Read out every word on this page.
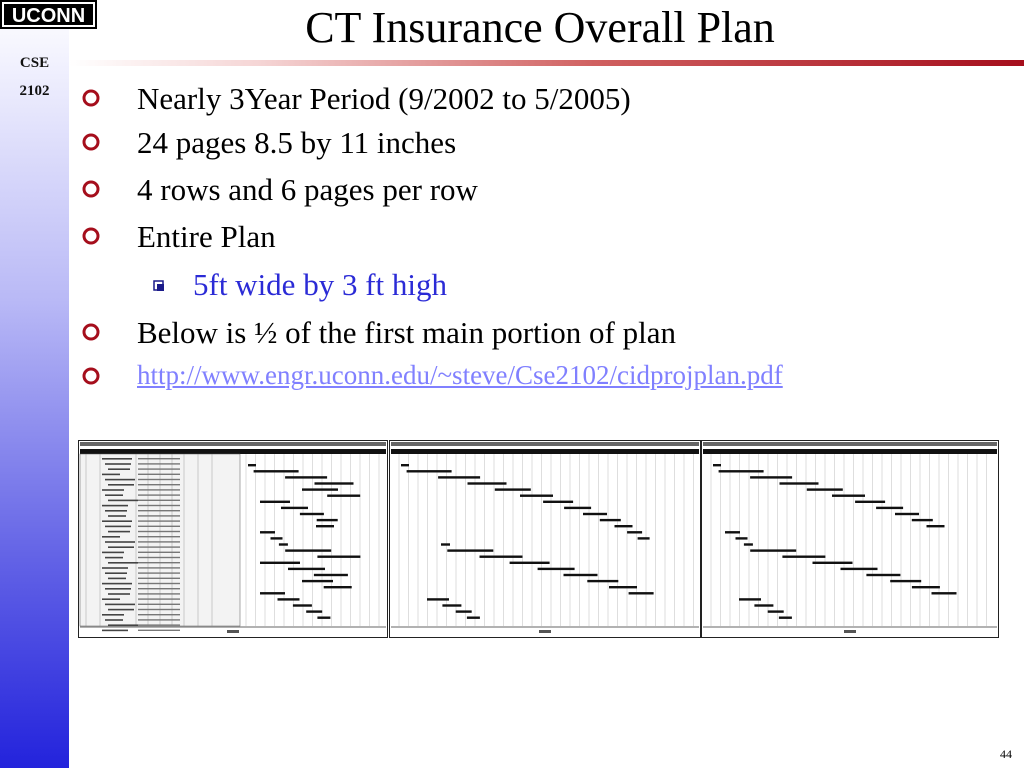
UCONN
CSE
2102
CT Insurance Overall Plan
Nearly 3Year Period (9/2002 to 5/2005)
24 pages 8.5 by 11 inches
4 rows and 6 pages per row
Entire Plan
5ft wide by 3 ft high
Below is ½ of the first main portion of plan
http://www.engr.uconn.edu/~steve/Cse2102/cidprojplan.pdf
44
